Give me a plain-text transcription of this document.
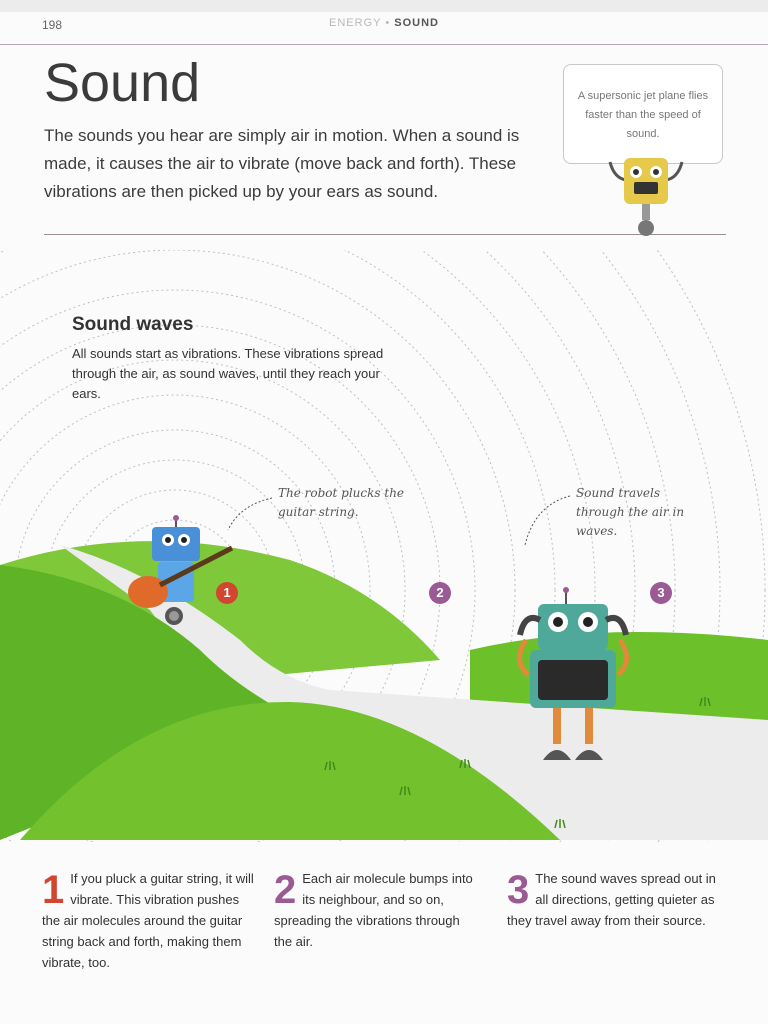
198	ENERGY • SOUND
Sound

The sounds you hear are simply air in motion. When a sound is made, it causes the air to vibrate (move back and forth). These vibrations are then picked up by your ears as sound.

A supersonic jet plane flies faster than the speed of sound.
The robot plucks the guitar string.
Sound travels through the air in waves.
1	2	3
Sound waves

All sounds start as vibrations. These vibrations spread through the air, as sound waves, until they reach your ears.

1 If you pluck a guitar string, it will vibrate. This vibration pushes the air molecules around the guitar string back and forth, making them vibrate, too.
2 Each air molecule bumps into its neighbour, and so on, spreading the vibrations through the air.
3 The sound waves spread out in all directions, getting quieter as they travel away from their source.
